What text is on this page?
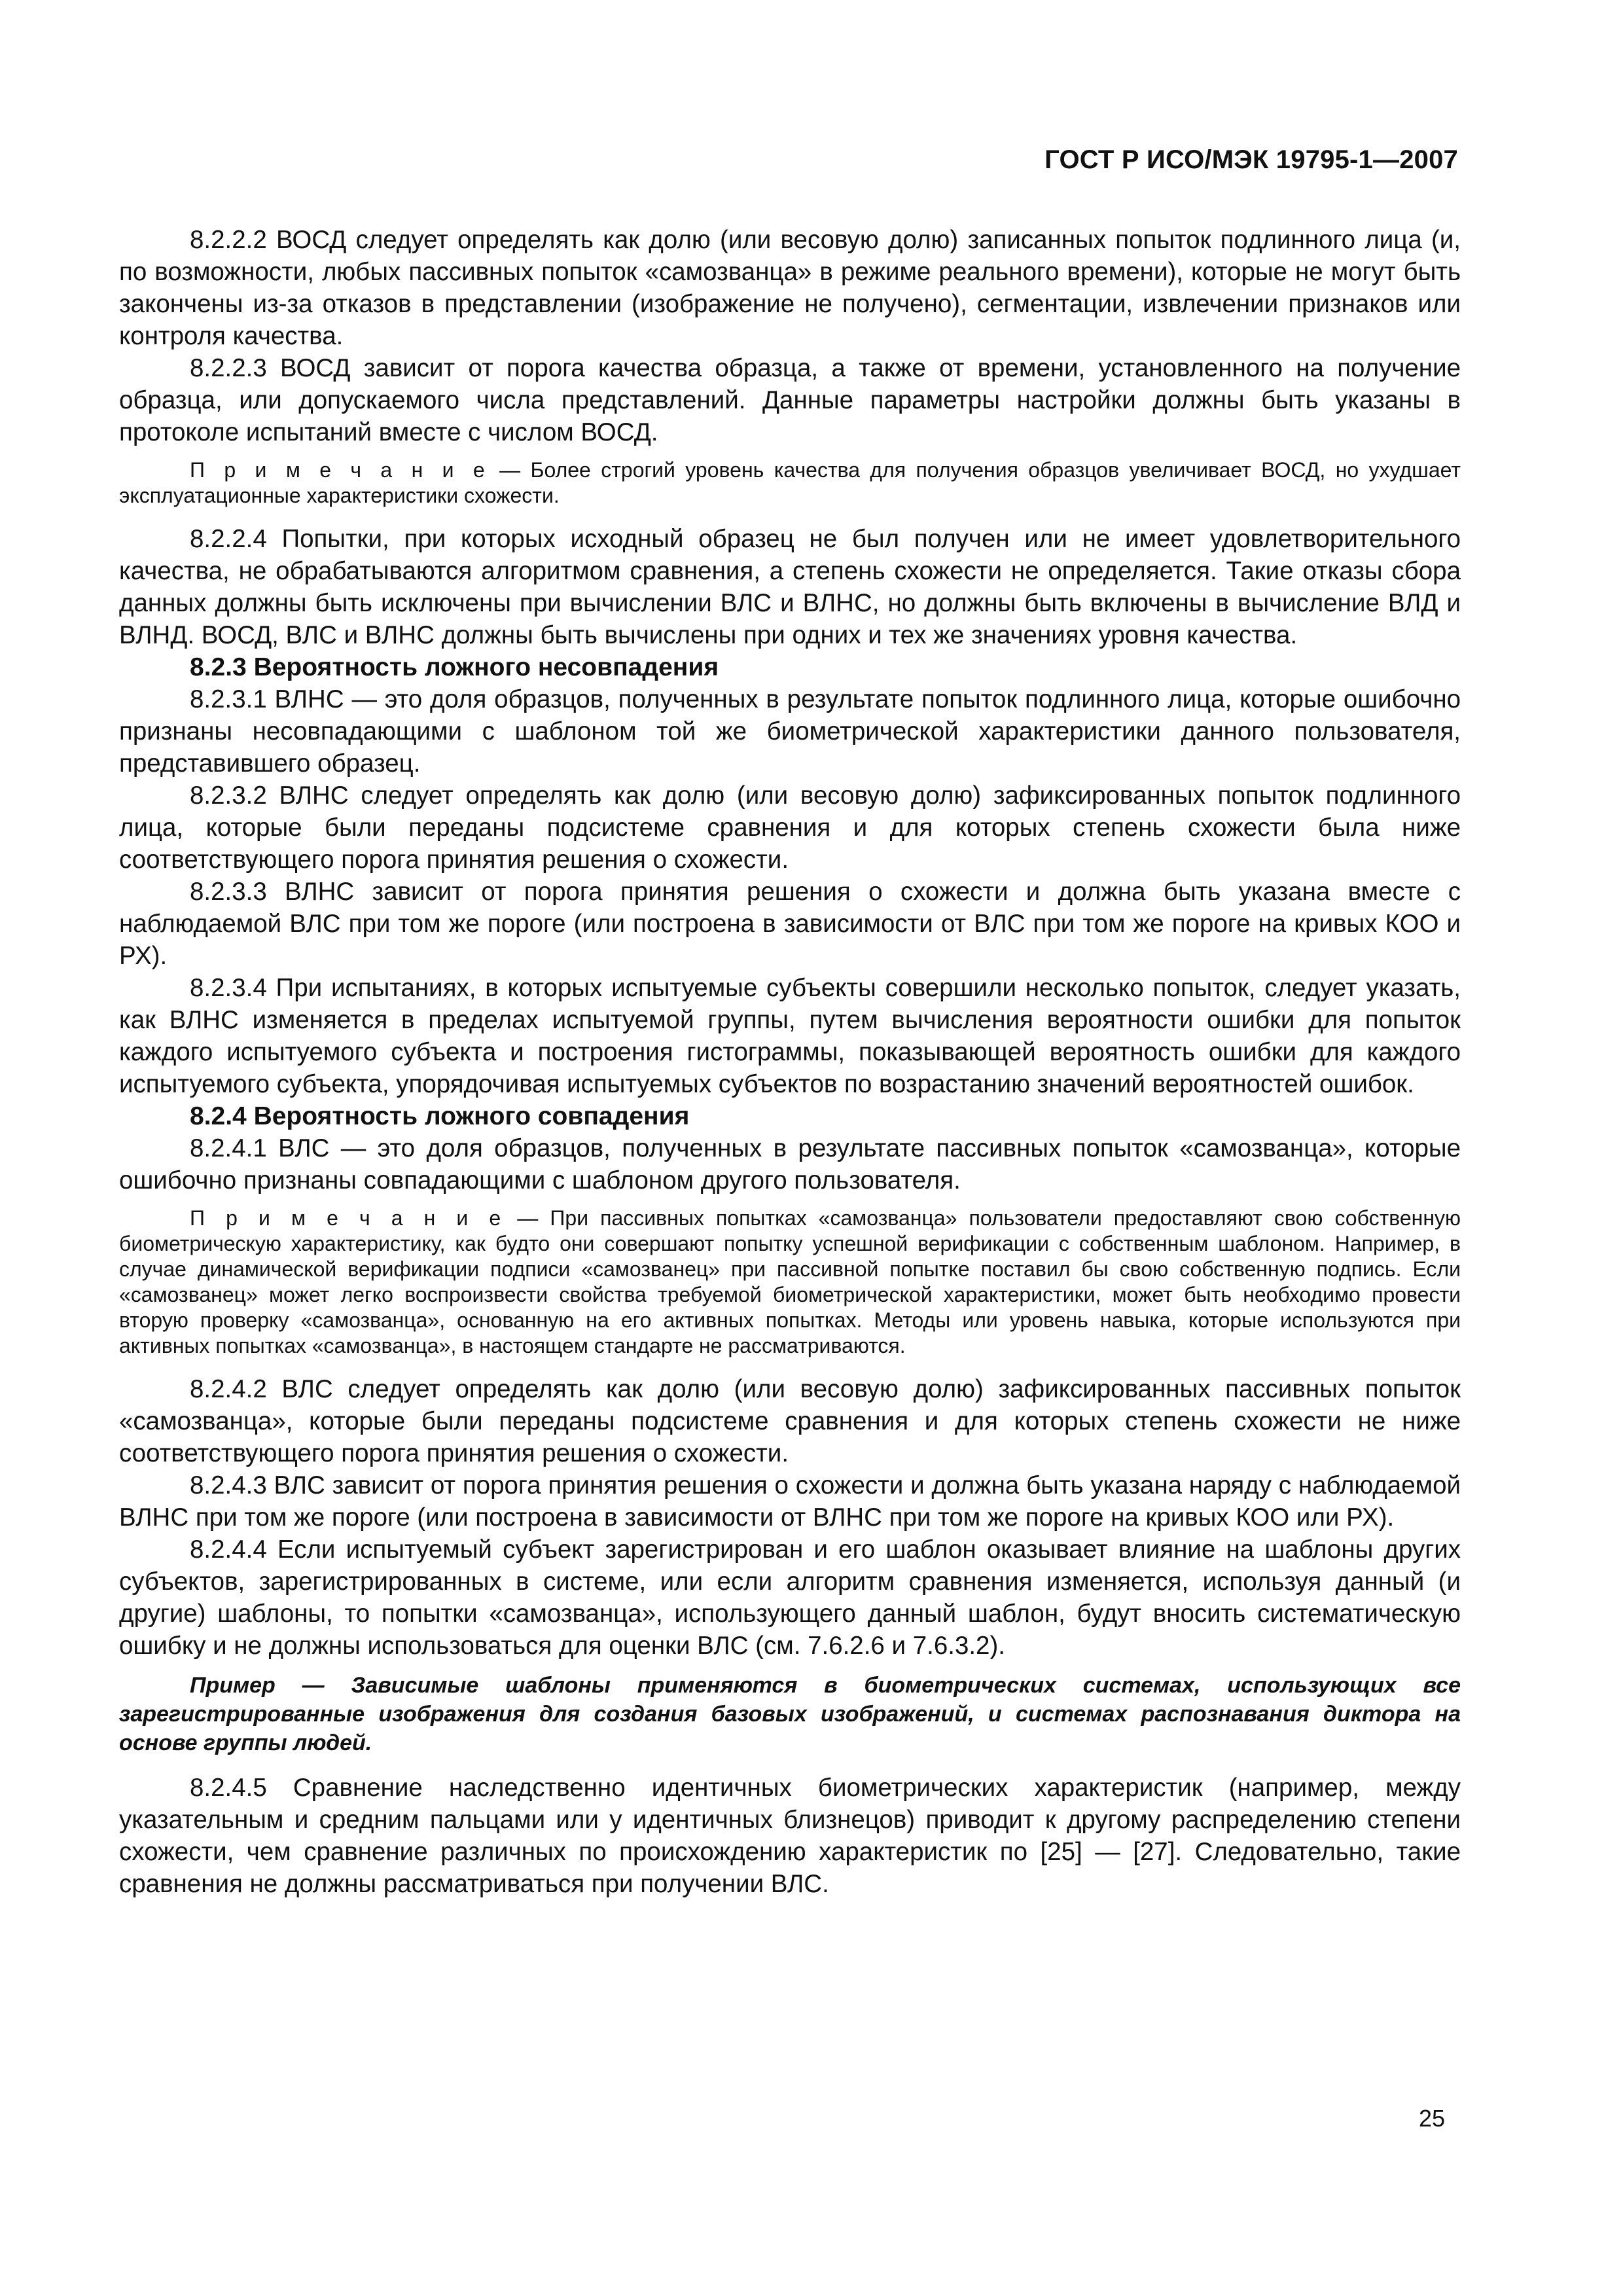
ГОСТ Р ИСО/МЭК 19795-1—2007

8.2.2.2 ВОСД следует определять как долю (или весовую долю) записанных попыток подлинного лица (и, по возможности, любых пассивных попыток «самозванца» в режиме реального времени), которые не могут быть закончены из-за отказов в представлении (изображение не получено), сегментации, извлечении признаков или контроля качества.

8.2.2.3 ВОСД зависит от порога качества образца, а также от времени, установленного на получение образца, или допускаемого числа представлений. Данные параметры настройки должны быть указаны в протоколе испытаний вместе с числом ВОСД.

П р и м е ч а н и е — Более строгий уровень качества для получения образцов увеличивает ВОСД, но ухудшает эксплуатационные характеристики схожести.

8.2.2.4 Попытки, при которых исходный образец не был получен или не имеет удовлетворительного качества, не обрабатываются алгоритмом сравнения, а степень схожести не определяется. Такие отказы сбора данных должны быть исключены при вычислении ВЛС и ВЛНС, но должны быть включены в вычисление ВЛД и ВЛНД. ВОСД, ВЛС и ВЛНС должны быть вычислены при одних и тех же значениях уровня качества.

8.2.3 Вероятность ложного несовпадения

8.2.3.1 ВЛНС — это доля образцов, полученных в результате попыток подлинного лица, которые ошибочно признаны несовпадающими с шаблоном той же биометрической характеристики данного пользователя, представившего образец.

8.2.3.2 ВЛНС следует определять как долю (или весовую долю) зафиксированных попыток подлинного лица, которые были переданы подсистеме сравнения и для которых степень схожести была ниже соответствующего порога принятия решения о схожести.

8.2.3.3 ВЛНС зависит от порога принятия решения о схожести и должна быть указана вместе с наблюдаемой ВЛС при том же пороге (или построена в зависимости от ВЛС при том же пороге на кривых КОО и РХ).

8.2.3.4 При испытаниях, в которых испытуемые субъекты совершили несколько попыток, следует указать, как ВЛНС изменяется в пределах испытуемой группы, путем вычисления вероятности ошибки для попыток каждого испытуемого субъекта и построения гистограммы, показывающей вероятность ошибки для каждого испытуемого субъекта, упорядочивая испытуемых субъектов по возрастанию значений вероятностей ошибок.

8.2.4 Вероятность ложного совпадения

8.2.4.1 ВЛС — это доля образцов, полученных в результате пассивных попыток «самозванца», которые ошибочно признаны совпадающими с шаблоном другого пользователя.

П р и м е ч а н и е — При пассивных попытках «самозванца» пользователи предоставляют свою собственную биометрическую характеристику, как будто они совершают попытку успешной верификации с собственным шаблоном. Например, в случае динамической верификации подписи «самозванец» при пассивной попытке поставил бы свою собственную подпись. Если «самозванец» может легко воспроизвести свойства требуемой биометрической характеристики, может быть необходимо провести вторую проверку «самозванца», основанную на его активных попытках. Методы или уровень навыка, которые используются при активных попытках «самозванца», в настоящем стандарте не рассматриваются.

8.2.4.2 ВЛС следует определять как долю (или весовую долю) зафиксированных пассивных попыток «самозванца», которые были переданы подсистеме сравнения и для которых степень схожести не ниже соответствующего порога принятия решения о схожести.

8.2.4.3 ВЛС зависит от порога принятия решения о схожести и должна быть указана наряду с наблюдаемой ВЛНС при том же пороге (или построена в зависимости от ВЛНС при том же пороге на кривых КОО или РХ).

8.2.4.4 Если испытуемый субъект зарегистрирован и его шаблон оказывает влияние на шаблоны других субъектов, зарегистрированных в системе, или если алгоритм сравнения изменяется, используя данный (и другие) шаблоны, то попытки «самозванца», использующего данный шаблон, будут вносить систематическую ошибку и не должны использоваться для оценки ВЛС (см. 7.6.2.6 и 7.6.3.2).

Пример — Зависимые шаблоны применяются в биометрических системах, использующих все зарегистрированные изображения для создания базовых изображений, и системах распознавания диктора на основе группы людей.

8.2.4.5 Сравнение наследственно идентичных биометрических характеристик (например, между указательным и средним пальцами или у идентичных близнецов) приводит к другому распределению степени схожести, чем сравнение различных по происхождению характеристик по [25] — [27]. Следовательно, такие сравнения не должны рассматриваться при получении ВЛС.

25
